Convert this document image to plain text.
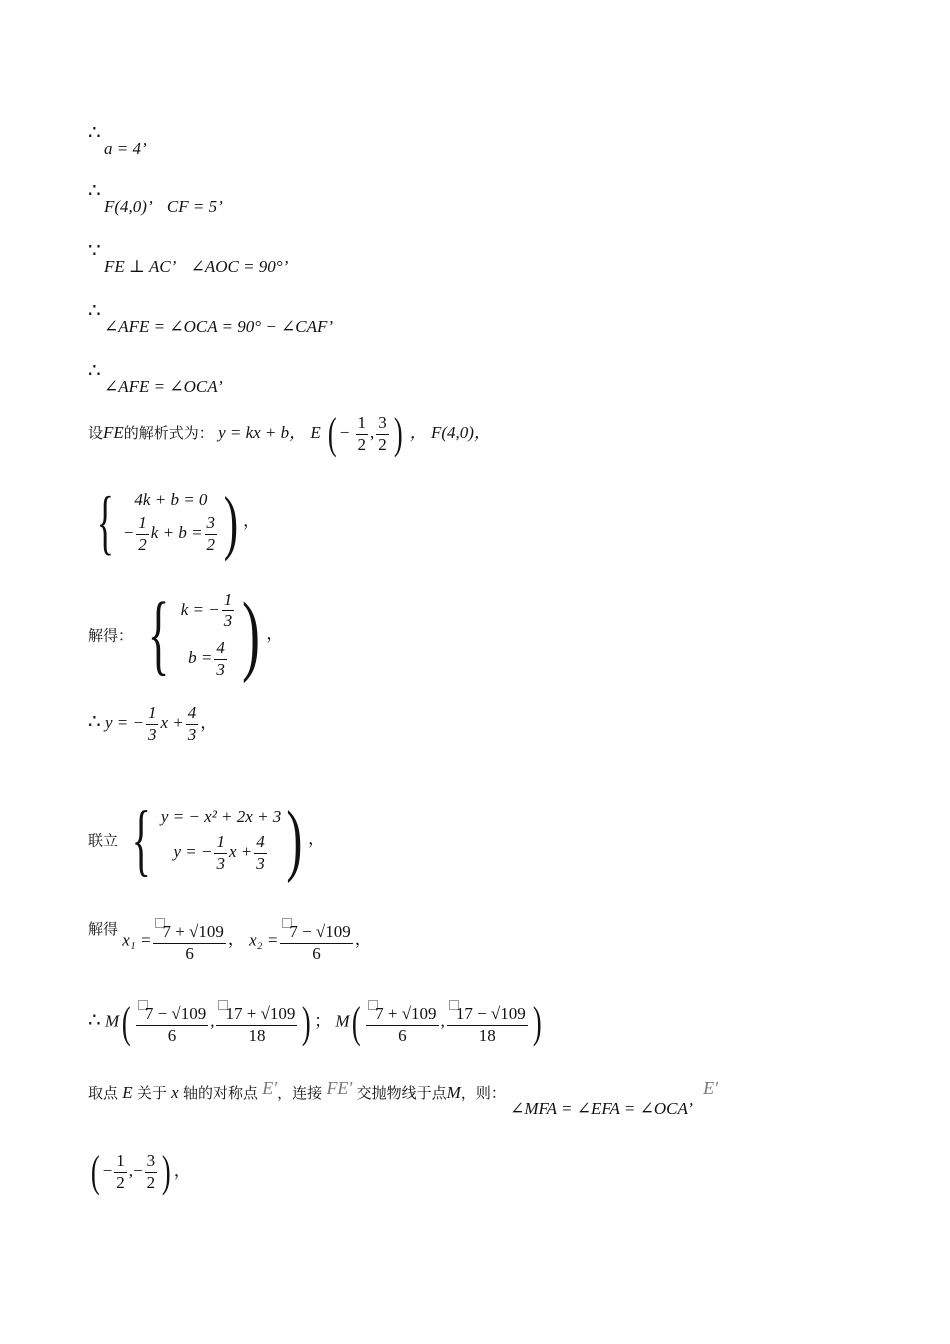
∴
a = 4’
∴
F(4,0)’ CF = 5’
∵
FE ⊥ AC’ ∠AOC = 90°’
∴
∠AFE = ∠OCA = 90° − ∠CAF’
∴
∠AFE = ∠OCA’
设FE的解析式为： y = kx + b， E ( − $\frac{1}{2}$ , $\frac{3}{2}$ ) ， F(4,0)，
{	4k + b = 0
− $\frac{1}{2}$ $k + b = \frac{3}{2}$ ) ，
解得： { k = − $\frac{1}{3}$
$b = \frac{4}{3}$ ) ，
∴ y = − $\frac{1}{3}$ $x + \frac{4}{3}$ ，
联立 { y = − x² + 2x + 3
y = − $\frac{1}{3}$ $x + \frac{4}{3}$ ) ，
解得 $x_1 = \frac{7 + √109}{6}$ ， $x_2 = \frac{7 - √109}{6}$ ，
∴ $M( \frac{7 - √109}{6}$ , $\frac{17 + √109}{18}$ ) ； $M( \frac{7 + √109}{6}$ , $\frac{17 - √109}{18}$ )
取点 E 关于 x 轴的对称点 E′，连接 FE′ 交抛物线于点M，则： ∠MFA = ∠EFA = ∠OCA’ E′
( − $\frac{1}{2}$ ,− $\frac{3}{2}$ ) ，
